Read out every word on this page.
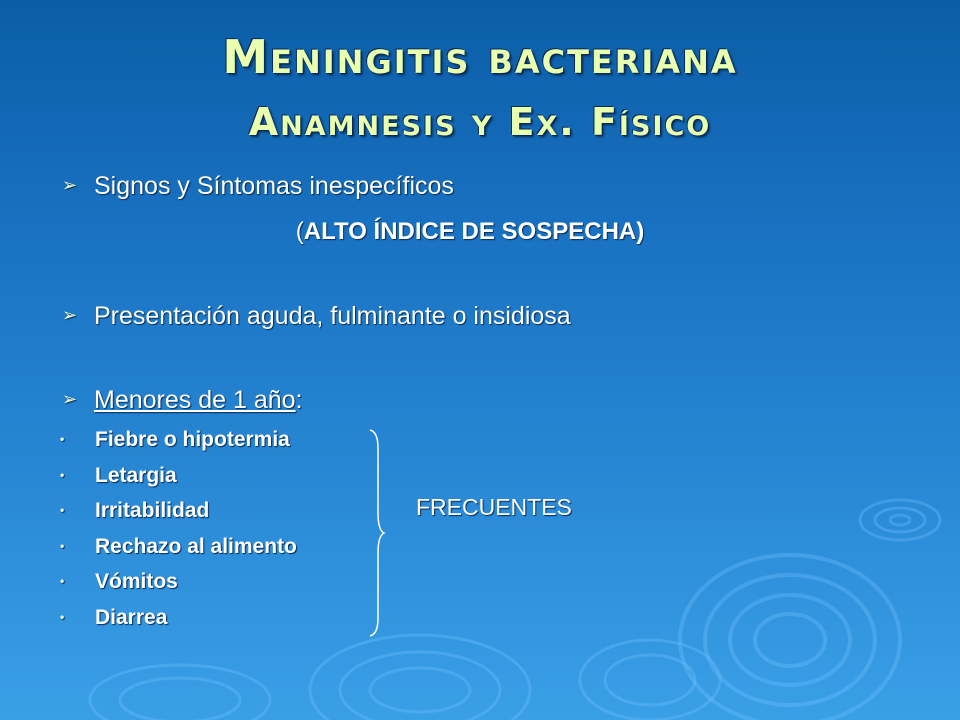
Meningitis bacteriana
Anamnesis y Ex. Físico
➢ Signos y Síntomas inespecíficos
(ALTO ÍNDICE DE SOSPECHA)
➢ Presentación aguda, fulminante o insidiosa
➢ Menores de 1 año:
• Fiebre o hipotermia
• Letargia
• Irritabilidad
• Rechazo al alimento
• Vómitos
• Diarrea
FRECUENTES
